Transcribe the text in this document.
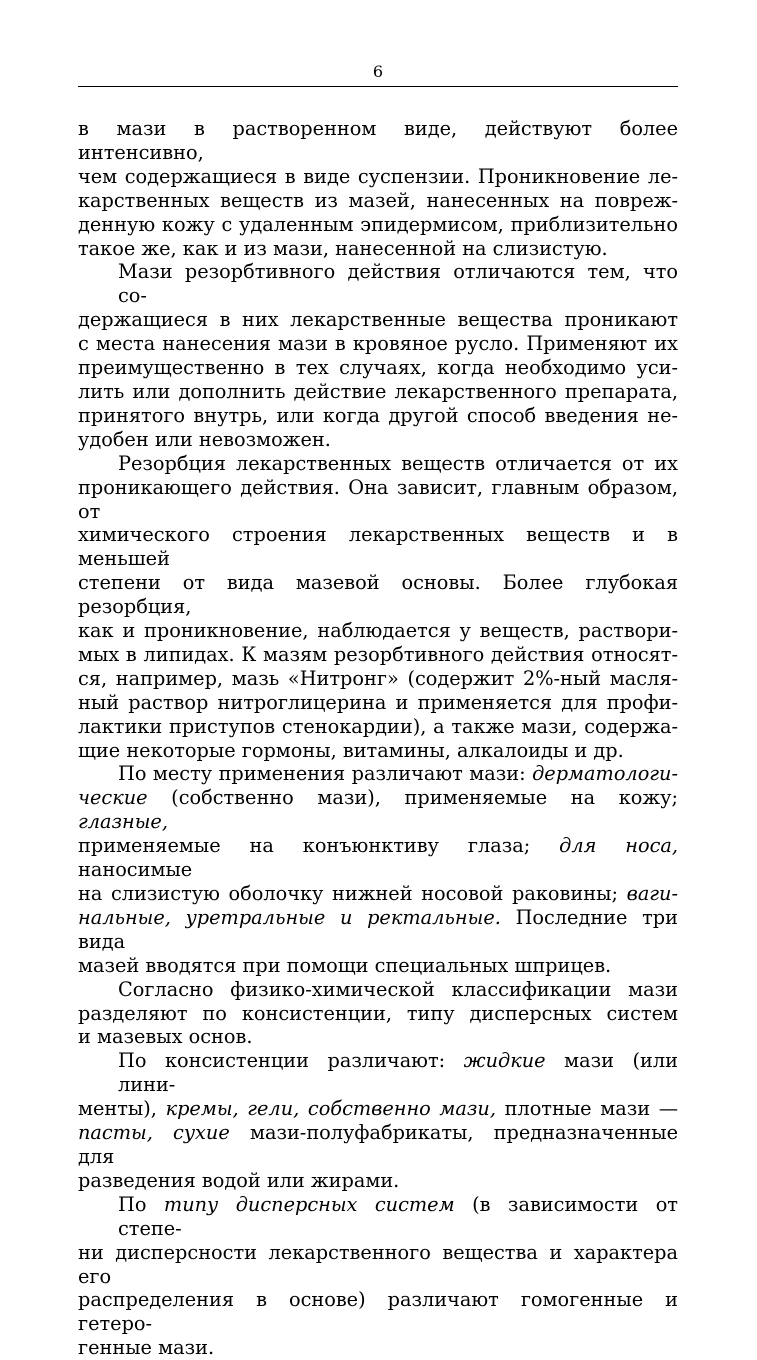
6

в мази в растворенном виде, действуют более интенсивно,
чем содержащиеся в виде суспензии. Проникновение ле-
карственных веществ из мазей, нанесенных на повреж-
денную кожу с удаленным эпидермисом, приблизительно
такое же, как и из мази, нанесенной на слизистую.

Мази резорбтивного действия отличаются тем, что со-
держащиеся в них лекарственные вещества проникают
с места нанесения мази в кровяное русло. Применяют их
преимущественно в тех случаях, когда необходимо уси-
лить или дополнить действие лекарственного препарата,
принятого внутрь, или когда другой способ введения не-
удобен или невозможен.

Резорбция лекарственных веществ отличается от их
проникающего действия. Она зависит, главным образом, от
химического строения лекарственных веществ и в меньшей
степени от вида мазевой основы. Более глубокая резорбция,
как и проникновение, наблюдается у веществ, раствори-
мых в липидах. К мазям резорбтивного действия относят-
ся, например, мазь «Нитронг» (содержит 2%-ный масля-
ный раствор нитроглицерина и применяется для профи-
лактики приступов стенокардии), а также мази, содержа-
щие некоторые гормоны, витамины, алкалоиды и др.

По месту применения различают мази: дерматологи-
ческие (собственно мази), применяемые на кожу; глазные,
применяемые на конъюнктиву глаза; для носа, наносимые
на слизистую оболочку нижней носовой раковины; ваги-
нальные, уретральные и ректальные. Последние три вида
мазей вводятся при помощи специальных шприцев.

Согласно физико-химической классификации мази
разделяют по консистенции, типу дисперсных систем
и мазевых основ.

По консистенции различают: жидкие мази (или лини-
менты), кремы, гели, собственно мази, плотные мази —
пасты, сухие мази-полуфабрикаты, предназначенные для
разведения водой или жирами.

По типу дисперсных систем (в зависимости от степе-
ни дисперсности лекарственного вещества и характера его
распределения в основе) различают гомогенные и гетеро-
генные мази.
